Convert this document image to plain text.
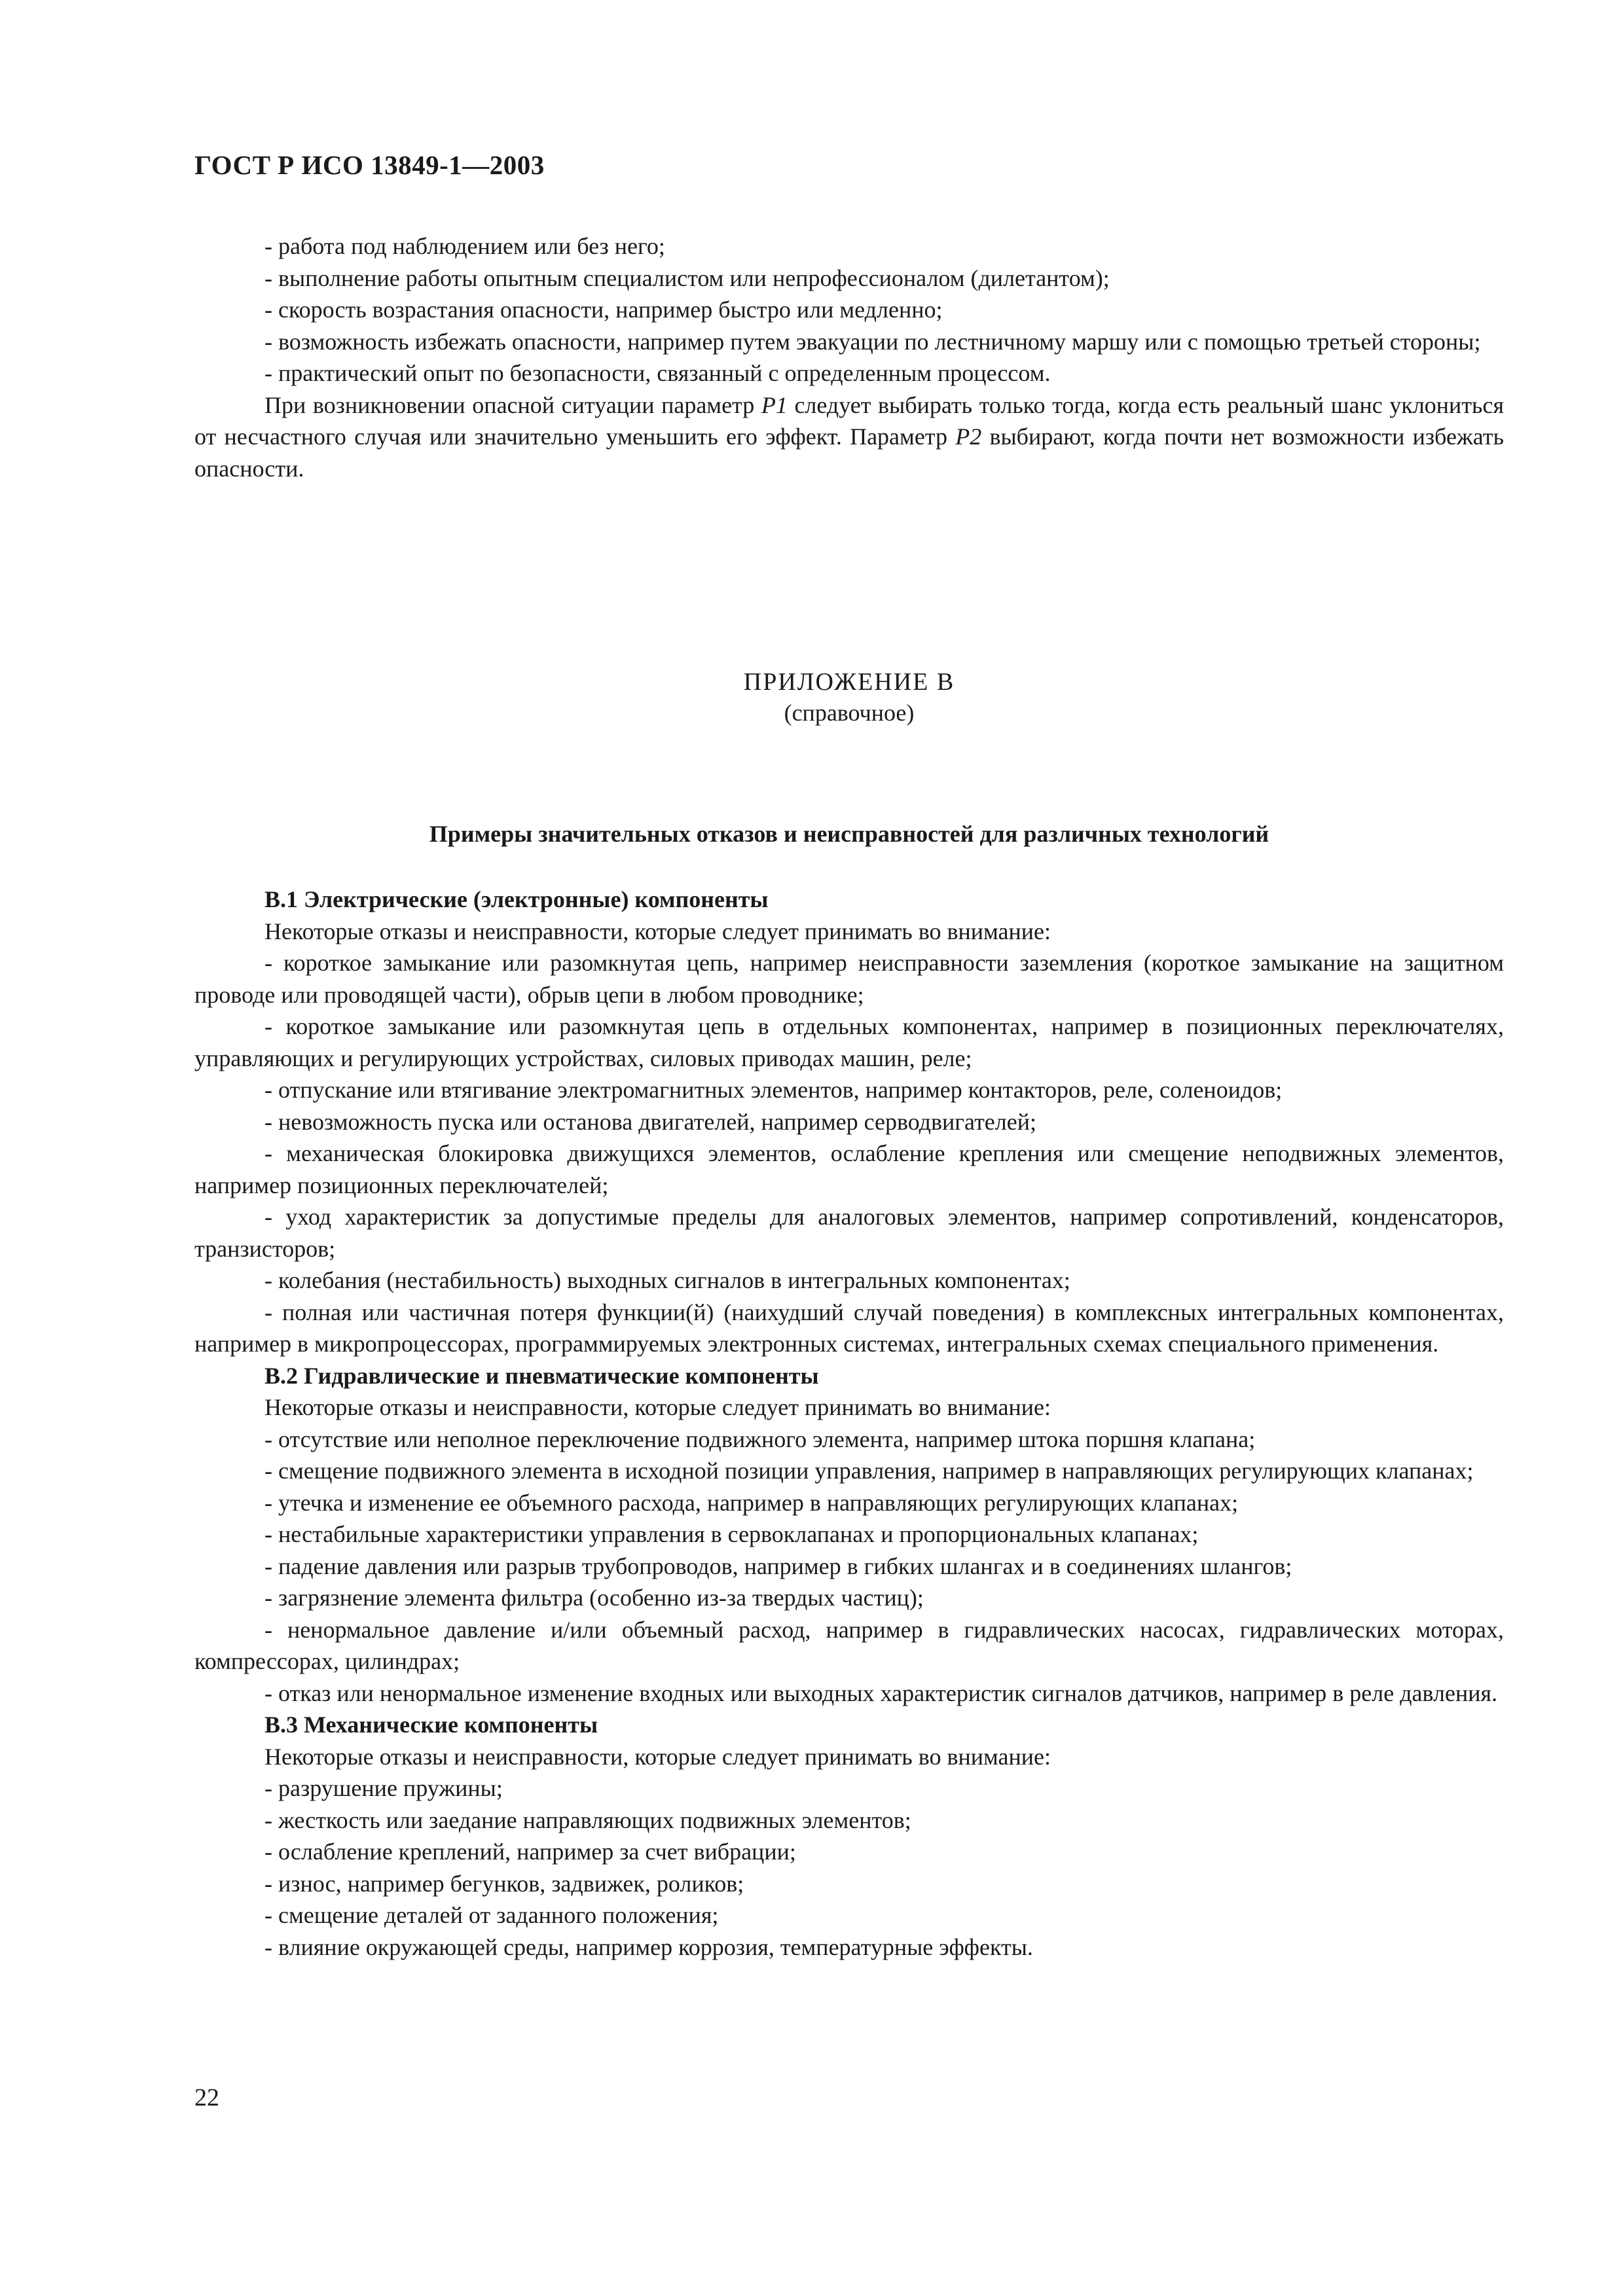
ГОСТ Р ИСО 13849-1—2003

- работа под наблюдением или без него;

- выполнение работы опытным специалистом или непрофессионалом (дилетантом);

- скорость возрастания опасности, например быстро или медленно;

- возможность избежать опасности, например путем эвакуации по лестничному маршу или с помощью третьей стороны;

- практический опыт по безопасности, связанный с определенным процессом.

При возникновении опасной ситуации параметр P1 следует выбирать только тогда, когда есть реальный шанс уклониться от несчастного случая или значительно уменьшить его эффект. Параметр P2 выбирают, когда почти нет возможности избежать опасности.

ПРИЛОЖЕНИЕ В
(справочное)
Примеры значительных отказов и неисправностей для различных технологий

В.1 Электрические (электронные) компоненты

Некоторые отказы и неисправности, которые следует принимать во внимание:

- короткое замыкание или разомкнутая цепь, например неисправности заземления (короткое замыкание на защитном проводе или проводящей части), обрыв цепи в любом проводнике;

- короткое замыкание или разомкнутая цепь в отдельных компонентах, например в позиционных переключателях, управляющих и регулирующих устройствах, силовых приводах машин, реле;

- отпускание или втягивание электромагнитных элементов, например контакторов, реле, соленоидов;

- невозможность пуска или останова двигателей, например серводвигателей;

- механическая блокировка движущихся элементов, ослабление крепления или смещение неподвижных элементов, например позиционных переключателей;

- уход характеристик за допустимые пределы для аналоговых элементов, например сопротивлений, конденсаторов, транзисторов;

- колебания (нестабильность) выходных сигналов в интегральных компонентах;

- полная или частичная потеря функции(й) (наихудший случай поведения) в комплексных интегральных компонентах, например в микропроцессорах, программируемых электронных системах, интегральных схемах специального применения.

В.2 Гидравлические и пневматические компоненты

Некоторые отказы и неисправности, которые следует принимать во внимание:

- отсутствие или неполное переключение подвижного элемента, например штока поршня клапана;

- смещение подвижного элемента в исходной позиции управления, например в направляющих регулирующих клапанах;

- утечка и изменение ее объемного расхода, например в направляющих регулирующих клапанах;

- нестабильные характеристики управления в сервоклапанах и пропорциональных клапанах;

- падение давления или разрыв трубопроводов, например в гибких шлангах и в соединениях шлангов;

- загрязнение элемента фильтра (особенно из-за твердых частиц);

- ненормальное давление и/или объемный расход, например в гидравлических насосах, гидравлических моторах, компрессорах, цилиндрах;

- отказ или ненормальное изменение входных или выходных характеристик сигналов датчиков, например в реле давления.

В.3 Механические компоненты

Некоторые отказы и неисправности, которые следует принимать во внимание:

- разрушение пружины;

- жесткость или заедание направляющих подвижных элементов;

- ослабление креплений, например за счет вибрации;

- износ, например бегунков, задвижек, роликов;

- смещение деталей от заданного положения;

- влияние окружающей среды, например коррозия, температурные эффекты.

22
